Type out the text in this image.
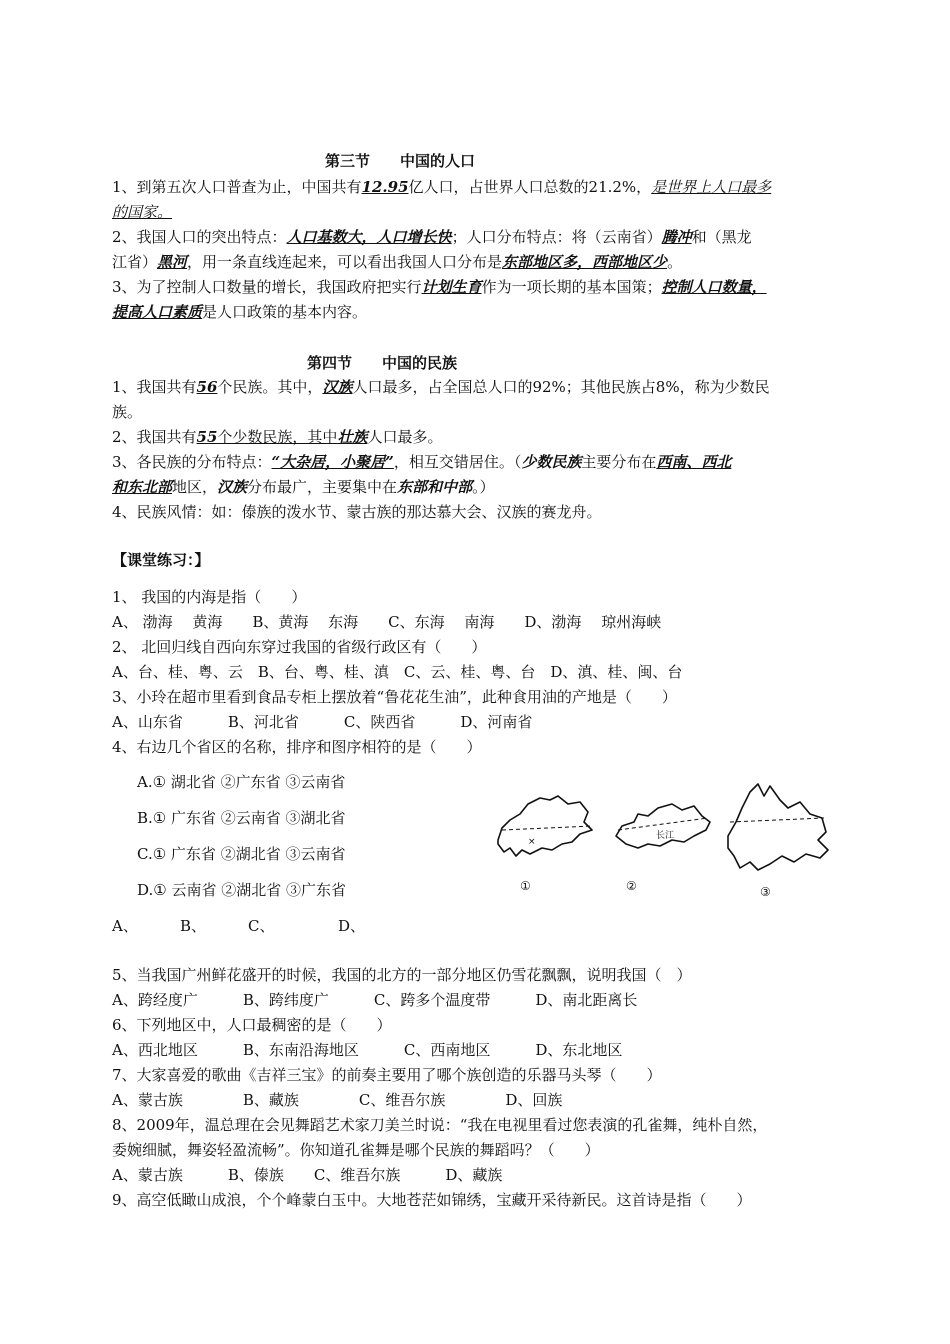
第三节　　中国的人口
1、到第五次人口普查为止，中国共有12.95亿人口，占世界人口总数的21.2%，是世界上人口最多
的国家。
2、我国人口的突出特点：人口基数大，人口增长快；人口分布特点：将（云南省）腾冲和（黑龙
江省）黑河，用一条直线连起来，可以看出我国人口分布是东部地区多，西部地区少。
3、为了控制人口数量的增长，我国政府把实行计划生育作为一项长期的基本国策；控制人口数量，
提高人口素质是人口政策的基本内容。
第四节　　中国的民族
1、我国共有56个民族。其中，汉族人口最多，占全国总人口的92%；其他民族占8%，称为少数民
族。
2、我国共有55个少数民族，其中壮族人口最多。
3、各民族的分布特点：“大杂居，小聚居”，相互交错居住。（少数民族主要分布在西南、西北
和东北部地区，汉族分布最广，主要集中在东部和中部。）
4、民族风情：如：傣族的泼水节、蒙古族的那达慕大会、汉族的赛龙舟。
【课堂练习：】
1、 我国的内海是指（　　）
A、 渤海　 黄海　　B、黄海　 东海　　C、东海　 南海　　D、渤海　 琼州海峡
2、 北回归线自西向东穿过我国的省级行政区有（　　）
A、台、桂、粤、云　B、台、粤、桂、滇　C、云、桂、粤、台　D、滇、桂、闽、台
3、小玲在超市里看到食品专柜上摆放着“鲁花花生油”，此种食用油的产地是（　　）
A、山东省　　　B、河北省　　　C、陕西省　　　D、河南省
4、右边几个省区的名称，排序和图序相符的是（　　）
A.① 湖北省 ②广东省 ③云南省
B.① 广东省 ②云南省 ③湖北省
C.① 广东省 ②湖北省 ③云南省
D.① 云南省 ②湖北省 ③广东省
A、	B、	C、	D、
×
长江
①	②	③
5、当我国广州鲜花盛开的时候，我国的北方的一部分地区仍雪花飘飘，说明我国（　）
A、跨经度广　　　B、跨纬度广　　　C、跨多个温度带　　　D、南北距离长
6、下列地区中，人口最稠密的是（　　）
A、西北地区　　　B、东南沿海地区　　　C、西南地区　　　D、东北地区
7、大家喜爱的歌曲《吉祥三宝》的前奏主要用了哪个族创造的乐器马头琴（　　）
A、蒙古族　　　　B、藏族　　　　C、维吾尔族　　　　D、回族
8、2009年，温总理在会见舞蹈艺术家刀美兰时说：“我在电视里看过您表演的孔雀舞，纯朴自然，
委婉细腻，舞姿轻盈流畅”。你知道孔雀舞是哪个民族的舞蹈吗？（　　）
A、蒙古族　　　B、傣族　　C、维吾尔族　　　D、藏族
9、高空低瞰山成浪，个个峰蒙白玉中。大地苍茫如锦绣，宝藏开采待新民。这首诗是指（　　）
